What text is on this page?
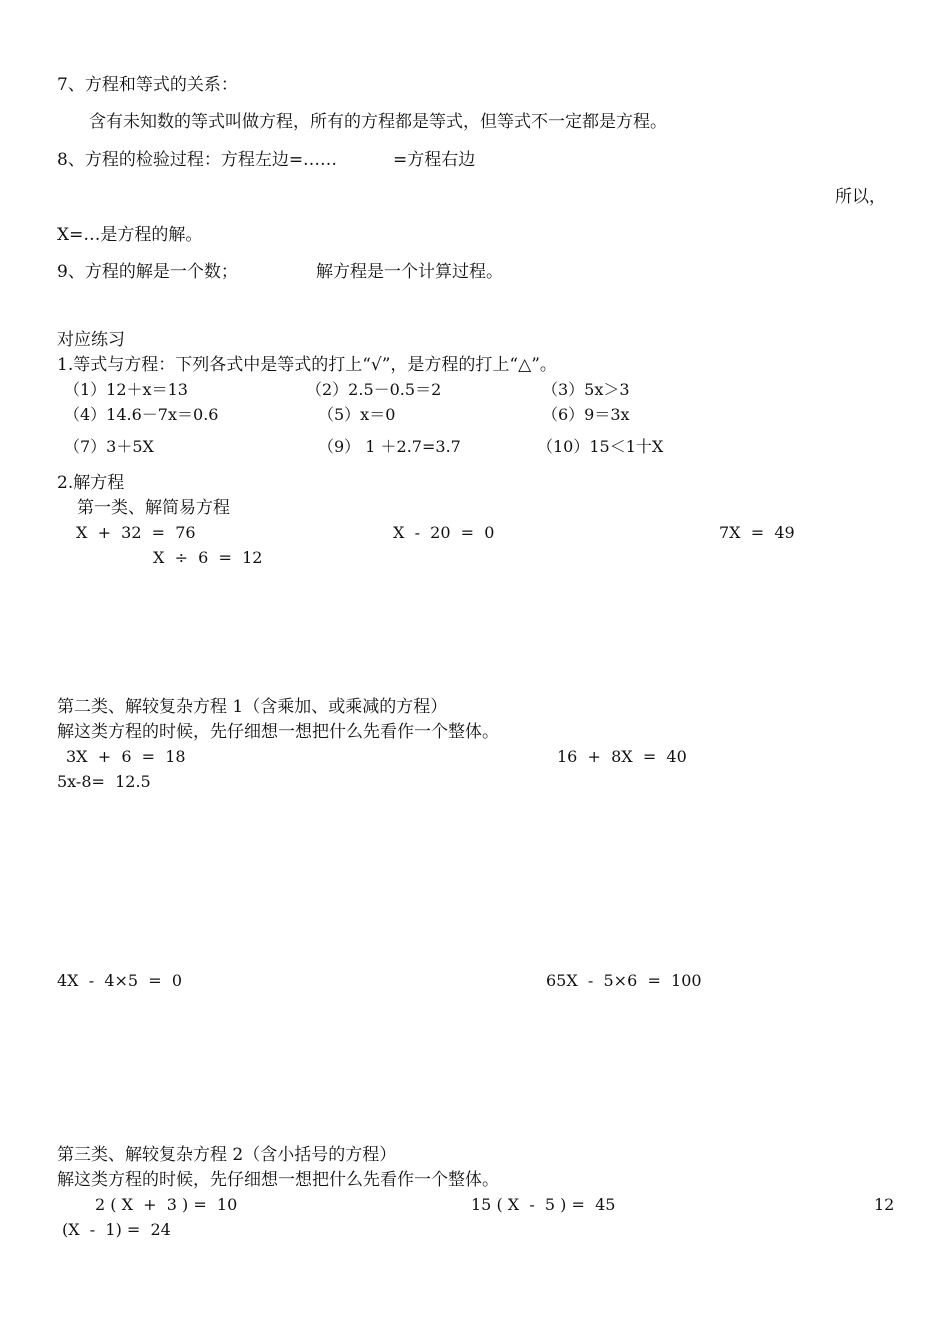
7、方程和等式的关系：
含有未知数的等式叫做方程，所有的方程都是等式，但等式不一定都是方程。
8、方程的检验过程：方程左边=……	=方程右边
所以，
X=…是方程的解。
9、方程的解是一个数；	解方程是一个计算过程。
对应练习
1.等式与方程：下列各式中是等式的打上“√”，是方程的打上“△”。
（1）12＋x＝13	（2）2.5－0.5＝2	（3）5x＞3
（4）14.6－7x＝0.6	（5）x＝0	（6）9＝3x
（7）3＋5X	（9） 1 ＋2.7=3.7	（10）15＜1十X
2.解方程
第一类、解简易方程
X  +  32  =  76	X  -  20  =  0	7X  =  49
X  ÷  6  =  12
第二类、解较复杂方程 1（含乘加、或乘减的方程）
解这类方程的时候，先仔细想一想把什么先看作一个整体。
3X  +  6  =  18	16  +  8X  =  40
5x-8=  12.5
4X  -  4×5  =  0	65X  -  5×6  =  100
第三类、解较复杂方程 2（含小括号的方程）
解这类方程的时候，先仔细想一想把什么先看作一个整体。
2 ( X  +  3 ) =  10	15 ( X  -  5 ) =  45	12
(X  -  1) =  24
